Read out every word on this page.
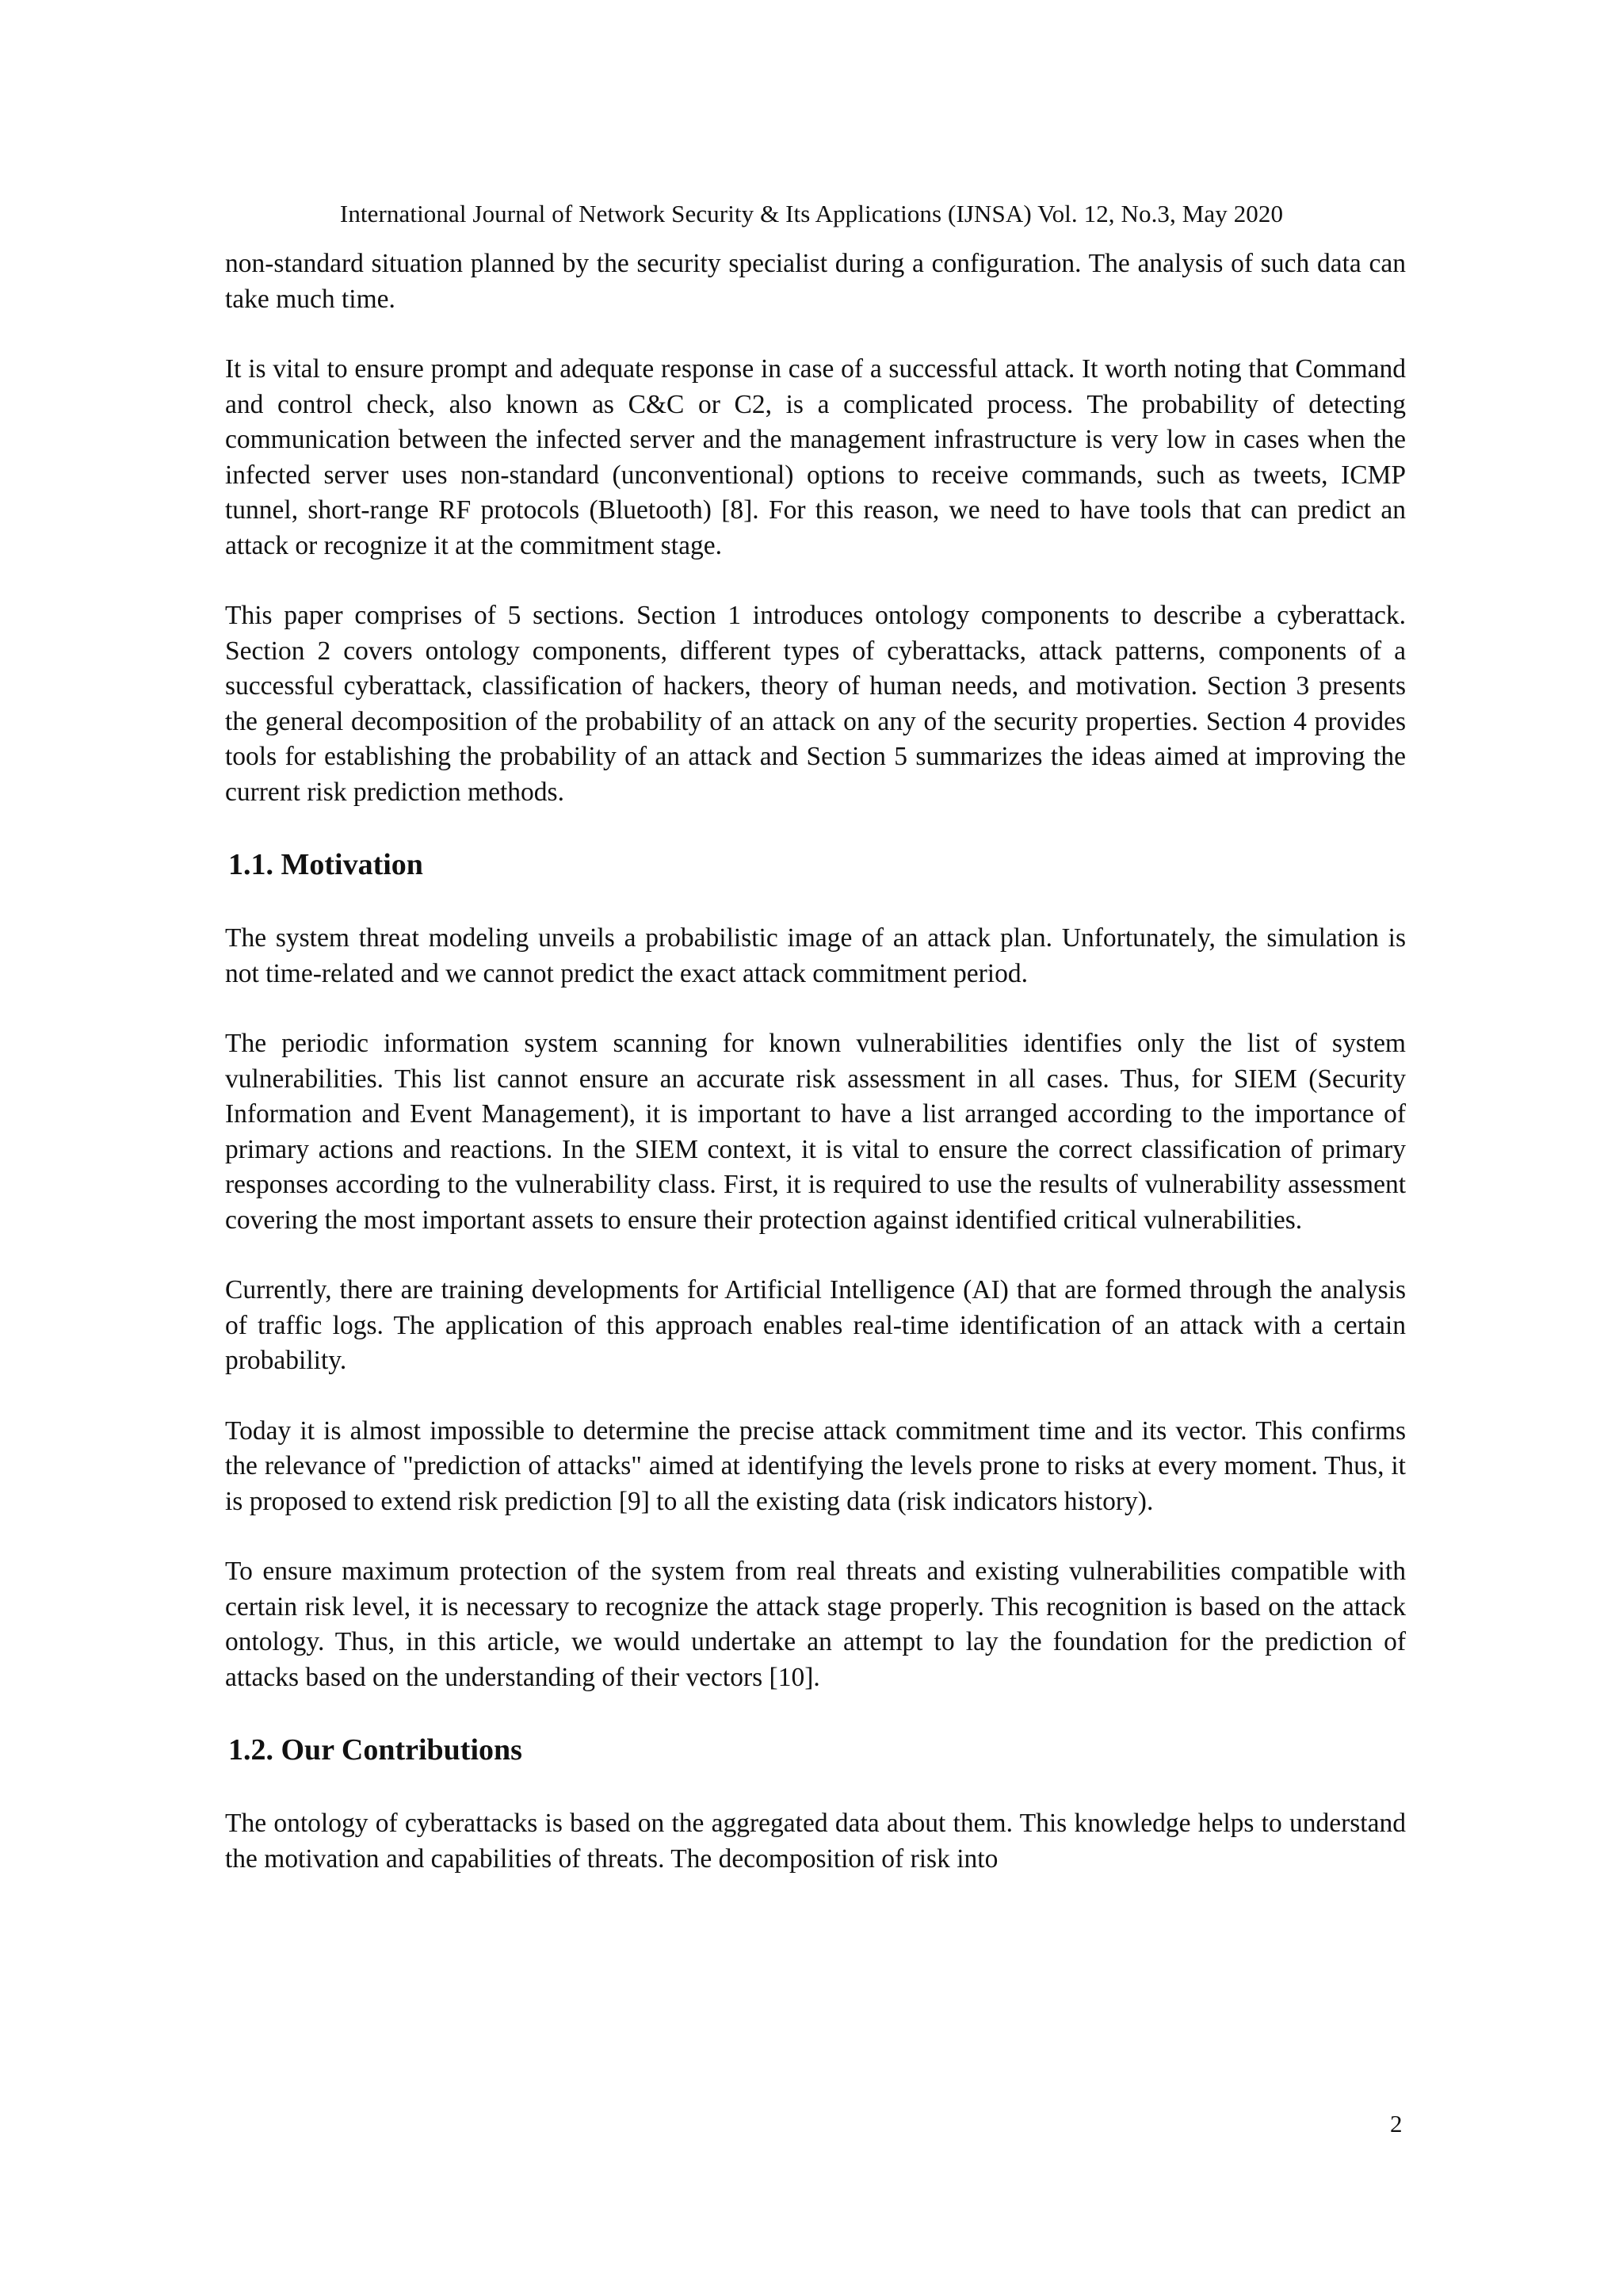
International Journal of Network Security & Its Applications (IJNSA) Vol. 12, No.3, May 2020

non-standard situation planned by the security specialist during a configuration. The analysis of such data can take much time.

It is vital to ensure prompt and adequate response in case of a successful attack. It worth noting that Command and control check, also known as C&C or C2, is a complicated process. The probability of detecting communication between the infected server and the management infrastructure is very low in cases when the infected server uses non-standard (unconventional) options to receive commands, such as tweets, ICMP tunnel, short-range RF protocols (Bluetooth) [8]. For this reason, we need to have tools that can predict an attack or recognize it at the commitment stage.

This paper comprises of 5 sections. Section 1 introduces ontology components to describe a cyberattack. Section 2 covers ontology components, different types of cyberattacks, attack patterns, components of a successful cyberattack, classification of hackers, theory of human needs, and motivation. Section 3 presents the general decomposition of the probability of an attack on any of the security properties. Section 4 provides tools for establishing the probability of an attack and Section 5 summarizes the ideas aimed at improving the current risk prediction methods.

1.1. Motivation

The system threat modeling unveils a probabilistic image of an attack plan. Unfortunately, the simulation is not time-related and we cannot predict the exact attack commitment period.

The periodic information system scanning for known vulnerabilities identifies only the list of system vulnerabilities. This list cannot ensure an accurate risk assessment in all cases. Thus, for SIEM (Security Information and Event Management), it is important to have a list arranged according to the importance of primary actions and reactions. In the SIEM context, it is vital to ensure the correct classification of primary responses according to the vulnerability class. First, it is required to use the results of vulnerability assessment covering the most important assets to ensure their protection against identified critical vulnerabilities.

Currently, there are training developments for Artificial Intelligence (AI) that are formed through the analysis of traffic logs. The application of this approach enables real-time identification of an attack with a certain probability.

Today it is almost impossible to determine the precise attack commitment time and its vector. This confirms the relevance of "prediction of attacks" aimed at identifying the levels prone to risks at every moment. Thus, it is proposed to extend risk prediction [9] to all the existing data (risk indicators history).

To ensure maximum protection of the system from real threats and existing vulnerabilities compatible with certain risk level, it is necessary to recognize the attack stage properly. This recognition is based on the attack ontology. Thus, in this article, we would undertake an attempt to lay the foundation for the prediction of attacks based on the understanding of their vectors [10].

1.2. Our Contributions

The ontology of cyberattacks is based on the aggregated data about them. This knowledge helps to understand the motivation and capabilities of threats. The decomposition of risk into

2
